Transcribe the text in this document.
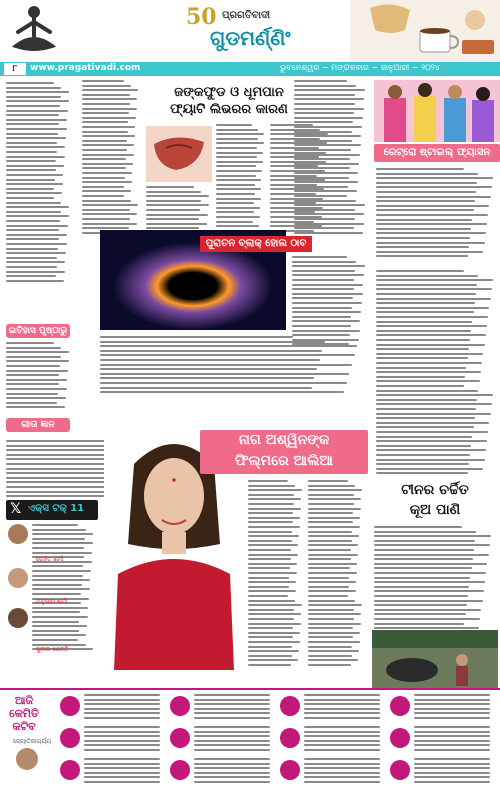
50 ପ୍ରଗତିବାଦୀ
ଗୁଡମର୍ଣ୍ଣିଂ
୮	www.pragativadi.com	ଭୁବନେଶ୍ୱର ~ ମଙ୍ଗଳବାର ~ ଜାନୁଆରୀ ~ ୨୦୨୪
ଇତିହାସ ପୃଷ୍ଠାରୁ
ଗୀତା ଜ୍ଞାନ
ଜଙ୍କଫୁଡ ଓ ଧୂମପାନ
ଫ୍ୟାଟି ଲିଭରର କାରଣ
ରେଟ୍ରୋ ଷ୍ଟାଇଲ୍ ଫ୍ୟାସନ
ପୁରାତନ ବ୍ଲାକ୍ ହୋଲ ଠାବ
𝕏 ଏକ୍ସ ଟକ୍ 11
ରୋହିତ ଶର୍ମା
ଅନୁଷ୍କା ଶର୍ମା
ସୁନୀଲ ଶେଟ୍ଟି
ନାଗ ଅଶ୍ୱିନଙ୍କ
ଫିଲ୍ମରେ ଆଲିଆ
ଟୀନର ଚର୍ଚ୍ଚିତ
କୂଅ ପାଣି
ଆଜି
କେମିତି
କଟିବ
ଜ୍ୟୋତିଷାଚାର୍ଯ୍ୟ
